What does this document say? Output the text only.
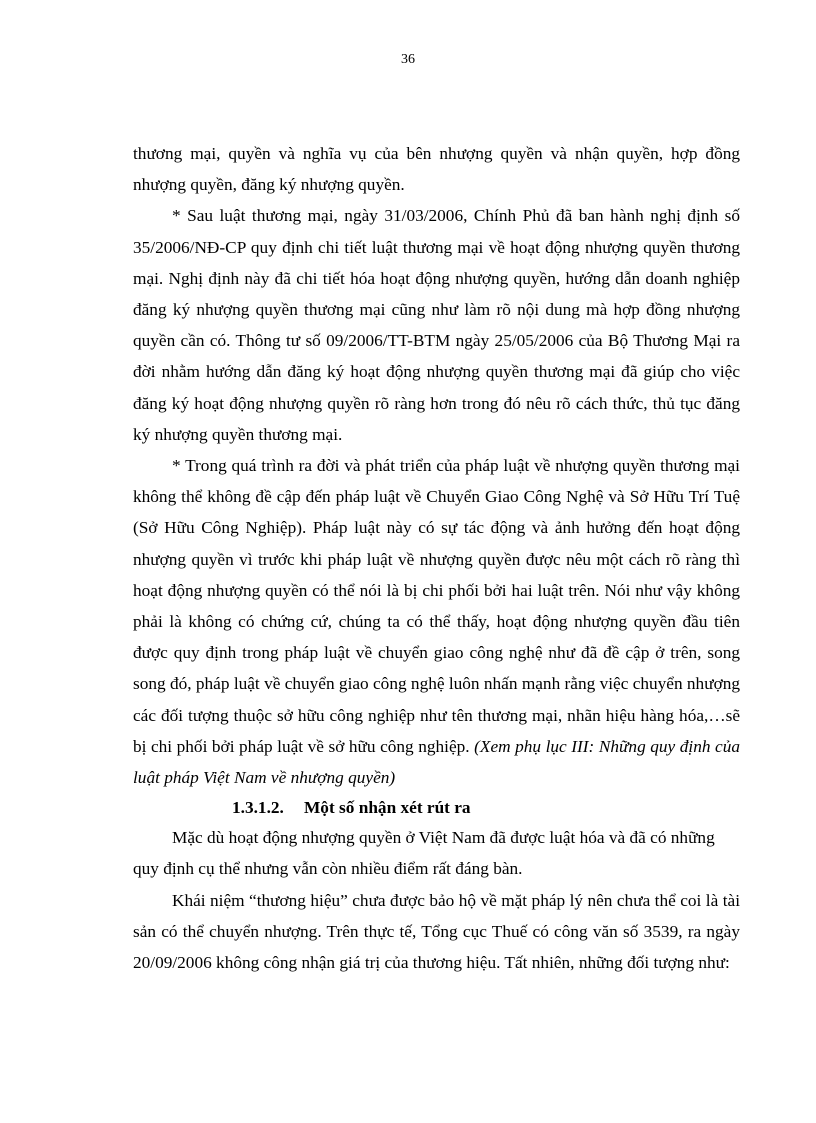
36

thương mại, quyền và nghĩa vụ của bên nhượng quyền và nhận quyền, hợp đồng nhượng quyền, đăng ký nhượng quyền.

* Sau luật thương mại, ngày 31/03/2006, Chính Phủ đã ban hành nghị định số 35/2006/NĐ-CP quy định chi tiết luật thương mại về hoạt động nhượng quyền thương mại. Nghị định này đã chi tiết hóa hoạt động nhượng quyền, hướng dẫn doanh nghiệp đăng ký nhượng quyền thương mại cũng như làm rõ nội dung mà hợp đồng nhượng quyền cần có. Thông tư số 09/2006/TT-BTM ngày 25/05/2006 của Bộ Thương Mại ra đời nhằm hướng dẫn đăng ký hoạt động nhượng quyền thương mại đã giúp cho việc đăng ký hoạt động nhượng quyền rõ ràng hơn trong đó nêu rõ cách thức, thủ tục đăng ký nhượng quyền thương mại.

* Trong quá trình ra đời và phát triển của pháp luật về nhượng quyền thương mại không thể không đề cập đến pháp luật về Chuyển Giao Công Nghệ và Sở Hữu Trí Tuệ (Sở Hữu Công Nghiệp). Pháp luật này có sự tác động và ảnh hưởng đến hoạt động nhượng quyền vì trước khi pháp luật về nhượng quyền được nêu một cách rõ ràng thì hoạt động nhượng quyền có thể nói là bị chi phối bởi hai luật trên. Nói như vậy không phải là không có chứng cứ, chúng ta có thể thấy, hoạt động nhượng quyền đầu tiên được quy định trong pháp luật về chuyển giao công nghệ như đã đề cập ở trên, song song đó, pháp luật về chuyển giao công nghệ luôn nhấn mạnh rằng việc chuyển nhượng các đối tượng thuộc sở hữu công nghiệp như tên thương mại, nhãn hiệu hàng hóa,…sẽ bị chi phối bởi pháp luật về sở hữu công nghiệp. (Xem phụ lục III: Những quy định của luật pháp Việt Nam về nhượng quyền)

1.3.1.2. Một số nhận xét rút ra

Mặc dù hoạt động nhượng quyền ở Việt Nam đã được luật hóa và đã có những quy định cụ thể nhưng vẫn còn nhiều điểm rất đáng bàn.

Khái niệm “thương hiệu” chưa được bảo hộ về mặt pháp lý nên chưa thể coi là tài sản có thể chuyển nhượng. Trên thực tế, Tổng cục Thuế có công văn số 3539, ra ngày 20/09/2006 không công nhận giá trị của thương hiệu. Tất nhiên, những đối tượng như:
